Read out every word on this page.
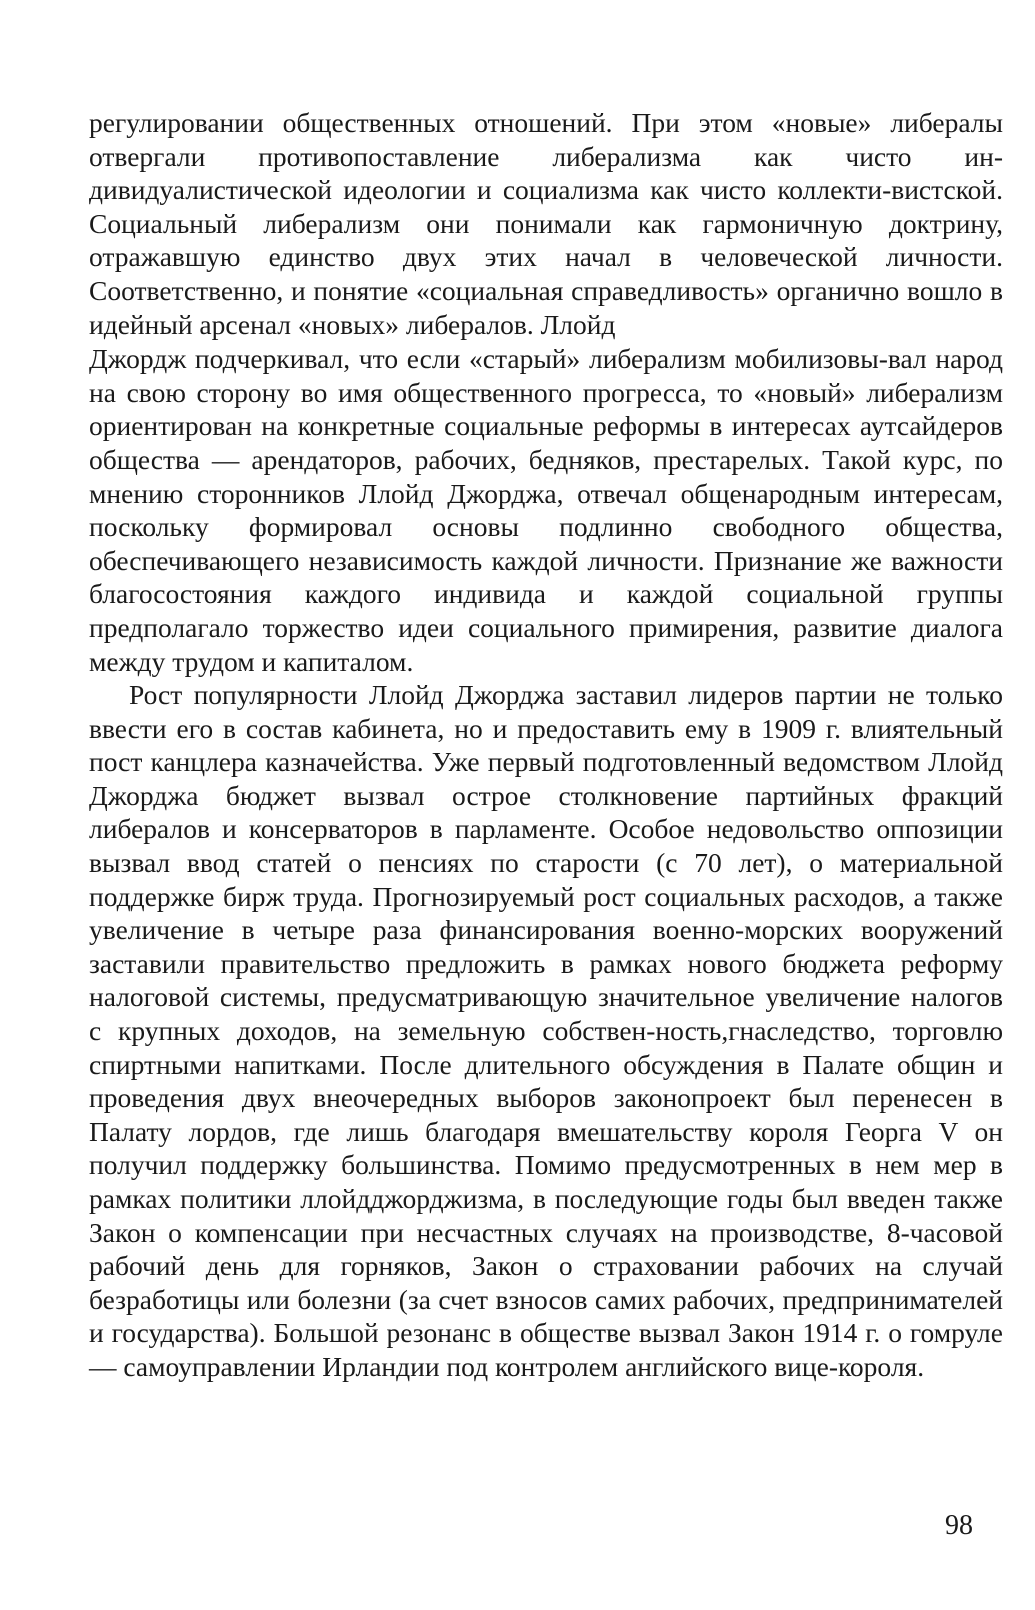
регулировании общественных отношений. При этом «новые» либералы отвергали противопоставление либерализма как чисто ин-дивидуалистической идеологии и социализма как чисто коллекти-вистской. Социальный либерализм они понимали как гармоничную доктрину, отражавшую единство двух этих начал в человеческой личности. Соответственно, и понятие «социальная справедливость» органично вошло в идейный арсенал «новых» либералов. Ллойд

Джордж подчеркивал, что если «старый» либерализм мобилизовы-вал народ на свою сторону во имя общественного прогресса, то «новый» либерализм ориентирован на конкретные социальные реформы в интересах аутсайдеров общества — арендаторов, рабочих, бедняков, престарелых. Такой курс, по мнению сторонников Ллойд Джорджа, отвечал общенародным интересам, поскольку формировал основы подлинно свободного общества, обеспечивающего независимость каждой личности. Признание же важности благосостояния каждого индивида и каждой социальной группы предполагало торжество идеи социального примирения, развитие диалога между трудом и капиталом.

Рост популярности Ллойд Джорджа заставил лидеров партии не только ввести его в состав кабинета, но и предоставить ему в 1909 г. влиятельный пост канцлера казначейства. Уже первый подготовленный ведомством Ллойд Джорджа бюджет вызвал острое столкновение партийных фракций либералов и консерваторов в парламенте. Особое недовольство оппозиции вызвал ввод статей о пенсиях по старости (с 70 лет), о материальной поддержке бирж труда. Прогнозируемый рост социальных расходов, а также увеличение в четыре раза финансирования военно-морских вооружений заставили правительство предложить в рамках нового бюджета реформу налоговой системы, предусматривающую значительное увеличение налогов с крупных доходов, на земельную собствен-ность,гнаследство, торговлю спиртными напитками. После длительного обсуждения в Палате общин и проведения двух внеочередных выборов законопроект был перенесен в Палату лордов, где лишь благодаря вмешательству короля Георга V он получил поддержку большинства. Помимо предусмотренных в нем мер в рамках политики ллойдджорджизма, в последующие годы был введен также Закон о компенсации при несчастных случаях на производстве, 8-часовой рабочий день для горняков, Закон о страховании рабочих на случай безработицы или болезни (за счет взносов самих рабочих, предпринимателей и государства). Большой резонанс в обществе вызвал Закон 1914 г. о гомруле — самоуправлении Ирландии под контролем английского вице-короля.

98
